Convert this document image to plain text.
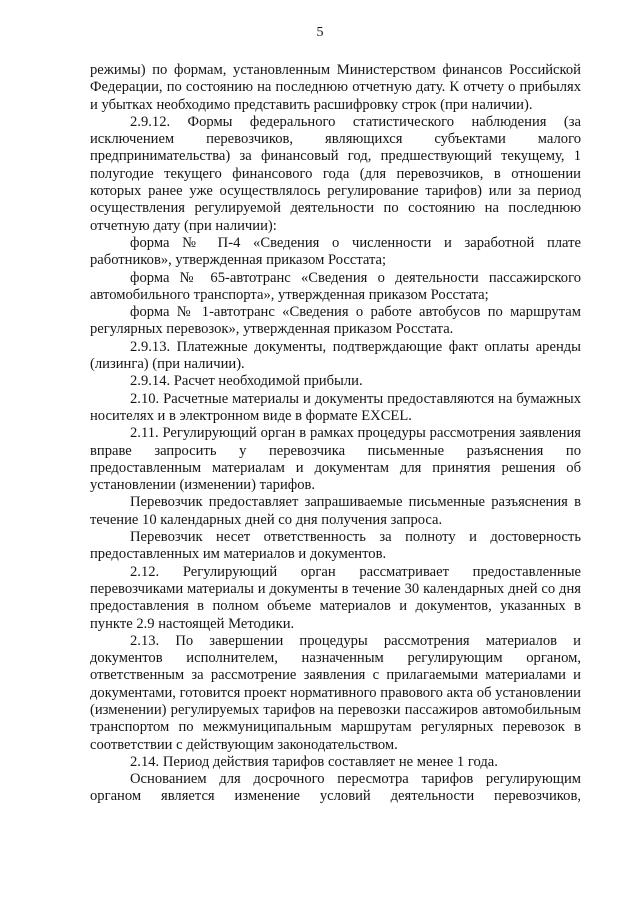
5

режимы) по формам, установленным Министерством финансов Российской Федерации, по состоянию на последнюю отчетную дату. К отчету о прибылях и убытках необходимо представить расшифровку строк (при наличии).

2.9.12. Формы федерального статистического наблюдения (за исключением перевозчиков, являющихся субъектами малого предпринимательства) за финансовый год, предшествующий текущему, 1 полугодие текущего финансового года (для перевозчиков, в отношении которых ранее уже осуществлялось регулирование тарифов) или за период осуществления регулируемой деятельности по состоянию на последнюю отчетную дату (при наличии):

форма № П-4 «Сведения о численности и заработной плате работников», утвержденная приказом Росстата;

форма № 65-автотранс «Сведения о деятельности пассажирского автомобильного транспорта», утвержденная приказом Росстата;

форма № 1-автотранс «Сведения о работе автобусов по маршрутам регулярных перевозок», утвержденная приказом Росстата.

2.9.13. Платежные документы, подтверждающие факт оплаты аренды (лизинга) (при наличии).

2.9.14. Расчет необходимой прибыли.

2.10. Расчетные материалы и документы предоставляются на бумажных носителях и в электронном виде в формате EXCEL.

2.11. Регулирующий орган в рамках процедуры рассмотрения заявления вправе запросить у перевозчика письменные разъяснения по предоставленным материалам и документам для принятия решения об установлении (изменении) тарифов.

Перевозчик предоставляет запрашиваемые письменные разъяснения в течение 10 календарных дней со дня получения запроса.

Перевозчик несет ответственность за полноту и достоверность предоставленных им материалов и документов.

2.12. Регулирующий орган рассматривает предоставленные перевозчиками материалы и документы в течение 30 календарных дней со дня предоставления в полном объеме материалов и документов, указанных в пункте 2.9 настоящей Методики.

2.13. По завершении процедуры рассмотрения материалов и документов исполнителем, назначенным регулирующим органом, ответственным за рассмотрение заявления с прилагаемыми материалами и документами, готовится проект нормативного правового акта об установлении (изменении) регулируемых тарифов на перевозки пассажиров автомобильным транспортом по межмуниципальным маршрутам регулярных перевозок в соответствии с действующим законодательством.

2.14. Период действия тарифов составляет не менее 1 года.

Основанием для досрочного пересмотра тарифов регулирующим органом является изменение условий деятельности перевозчиков,
